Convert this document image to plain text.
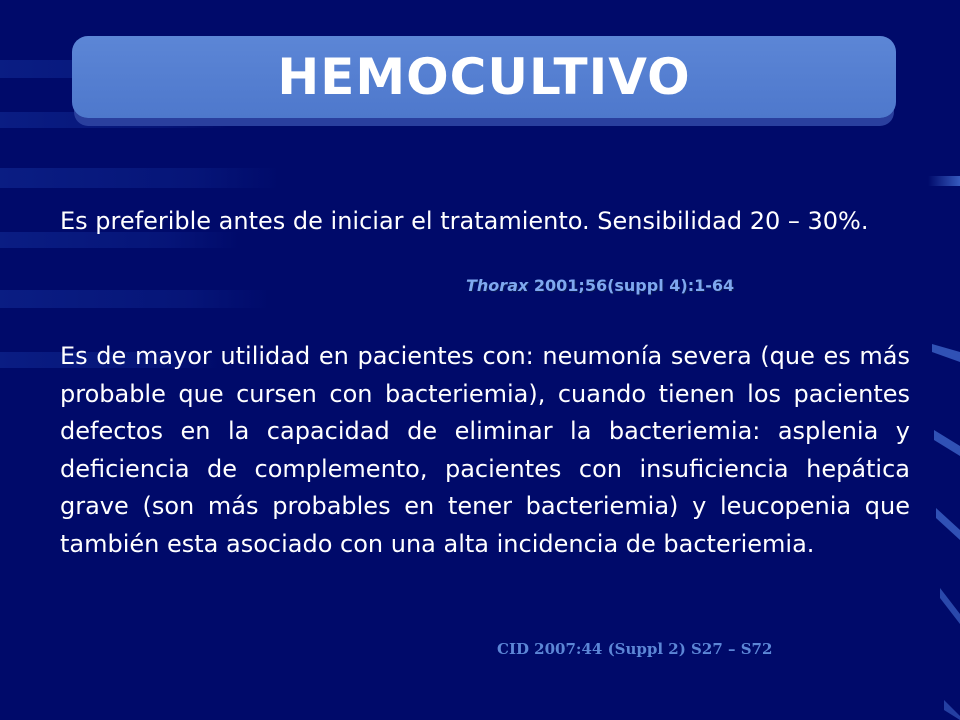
HEMOCULTIVO
Es preferible antes de iniciar el tratamiento. Sensibilidad 20 – 30%.
Thorax 2001;56(suppl 4):1-64
Es de mayor utilidad en pacientes con: neumonía severa (que es más probable que cursen con bacteriemia), cuando tienen los pacientes defectos en la capacidad de eliminar la bacteriemia: asplenia y deficiencia de complemento, pacientes con insuficiencia hepática grave (son más probables en tener bacteriemia) y leucopenia que también esta asociado con una alta incidencia de bacteriemia.
CID 2007:44 (Suppl 2) S27 – S72
